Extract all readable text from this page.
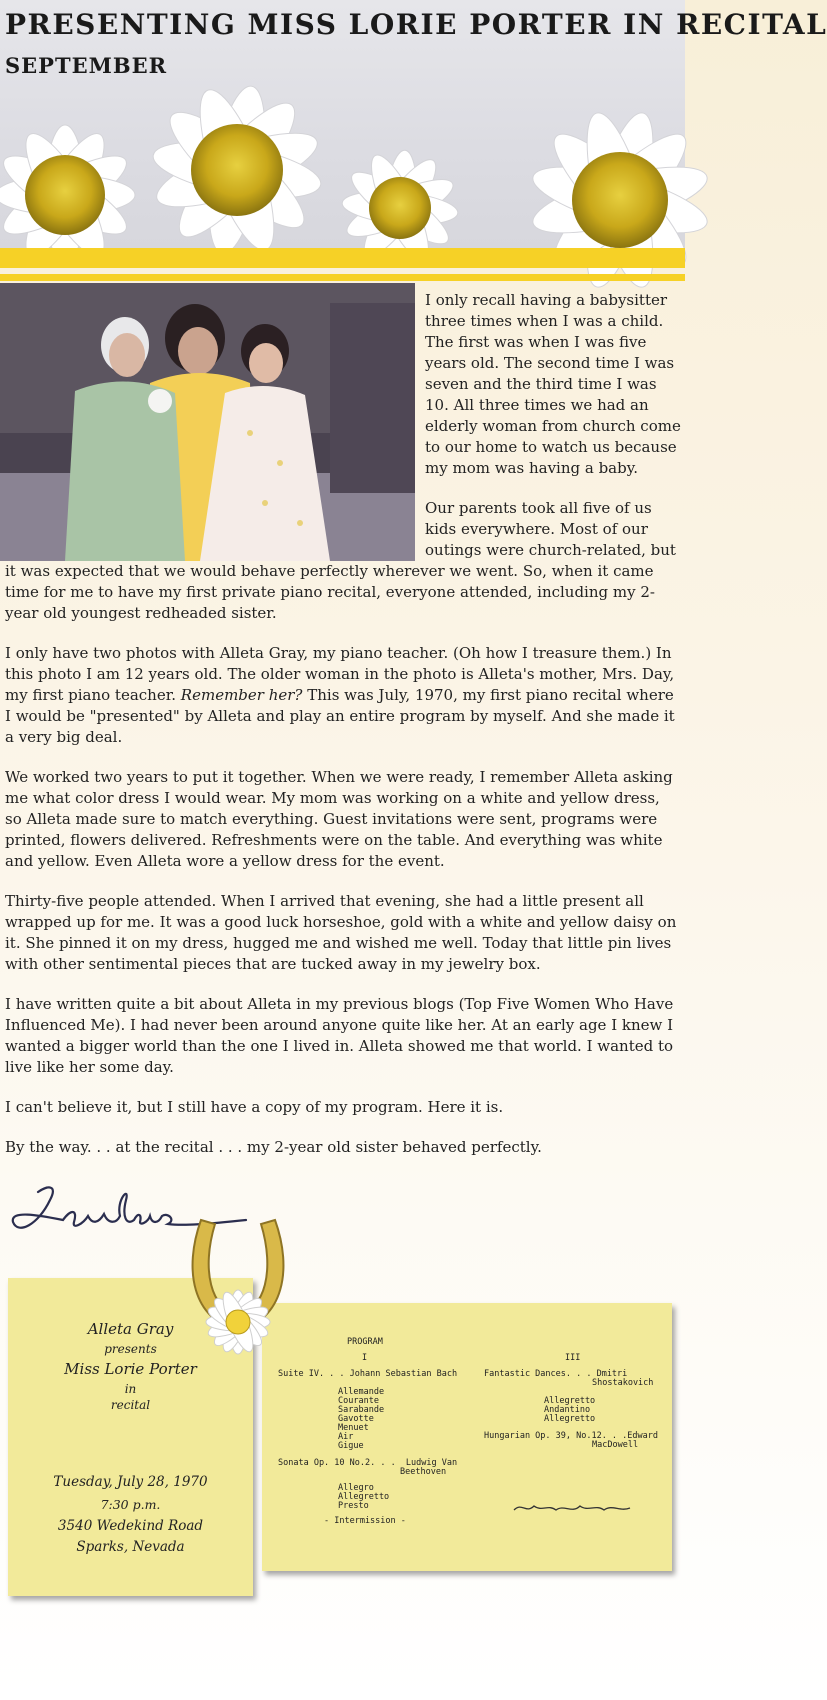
PRESENTING MISS LORIE PORTER IN RECITAL
SEPTEMBER

I only recall having a babysitter three times when I was a child. The first was when I was five years old. The second time I was seven and the third time I was 10. All three times we had an elderly woman from church come to our home to watch us because my mom was having a baby.

Our parents took all five of us kids everywhere. Most of our outings were church-related, but it was expected that we would behave perfectly wherever we went. So, when it came time for me to have my first private piano recital, everyone attended, including my 2-year old youngest redheaded sister.

I only have two photos with Alleta Gray, my piano teacher. (Oh how I treasure them.) In this photo I am 12 years old. The older woman in the photo is Alleta's mother, Mrs. Day, my first piano teacher. Remember her? This was July, 1970, my first piano recital where I would be "presented" by Alleta and play an entire program by myself. And she made it a very big deal.

We worked two years to put it together. When we were ready, I remember Alleta asking me what color dress I would wear. My mom was working on a white and yellow dress, so Alleta made sure to match everything. Guest invitations were sent, programs were printed, flowers delivered. Refreshments were on the table. And everything was white and yellow. Even Alleta wore a yellow dress for the event.

Thirty-five people attended. When I arrived that evening, she had a little present all wrapped up for me. It was a good luck horseshoe, gold with a white and yellow daisy on it. She pinned it on my dress, hugged me and wished me well. Today that little pin lives with other sentimental pieces that are tucked away in my jewelry box.

I have written quite a bit about Alleta in my previous blogs (Top Five Women Who Have Influenced Me). I had never been around anyone quite like her. At an early age I knew I wanted a bigger world than the one I lived in. Alleta showed me that world. I wanted to live like her some day.

I can't believe it, but I still have a copy of my program. Here it is.

By the way. . . at the recital . . . my 2-year old sister behaved perfectly.

Alleta Gray
presents
Miss Lorie Porter
in
recital
Tuesday, July 28, 1970
7:30 p.m.
3540 Wedekind Road
Sparks, Nevada
PROGRAM
I
Suite IV. . . Johann Sebastian Bach
Allemande
Courante
Sarabande
Gavotte
Menuet
Air
Gigue
Sonata Op. 10 No.2. . .  Ludwig Van
Beethoven
Allegro
Allegretto
Presto
- Intermission -
III
Fantastic Dances. . . Dmitri
Shostakovich
Allegretto
Andantino
Allegretto
Hungarian Op. 39, No.12. . .Edward
MacDowell
